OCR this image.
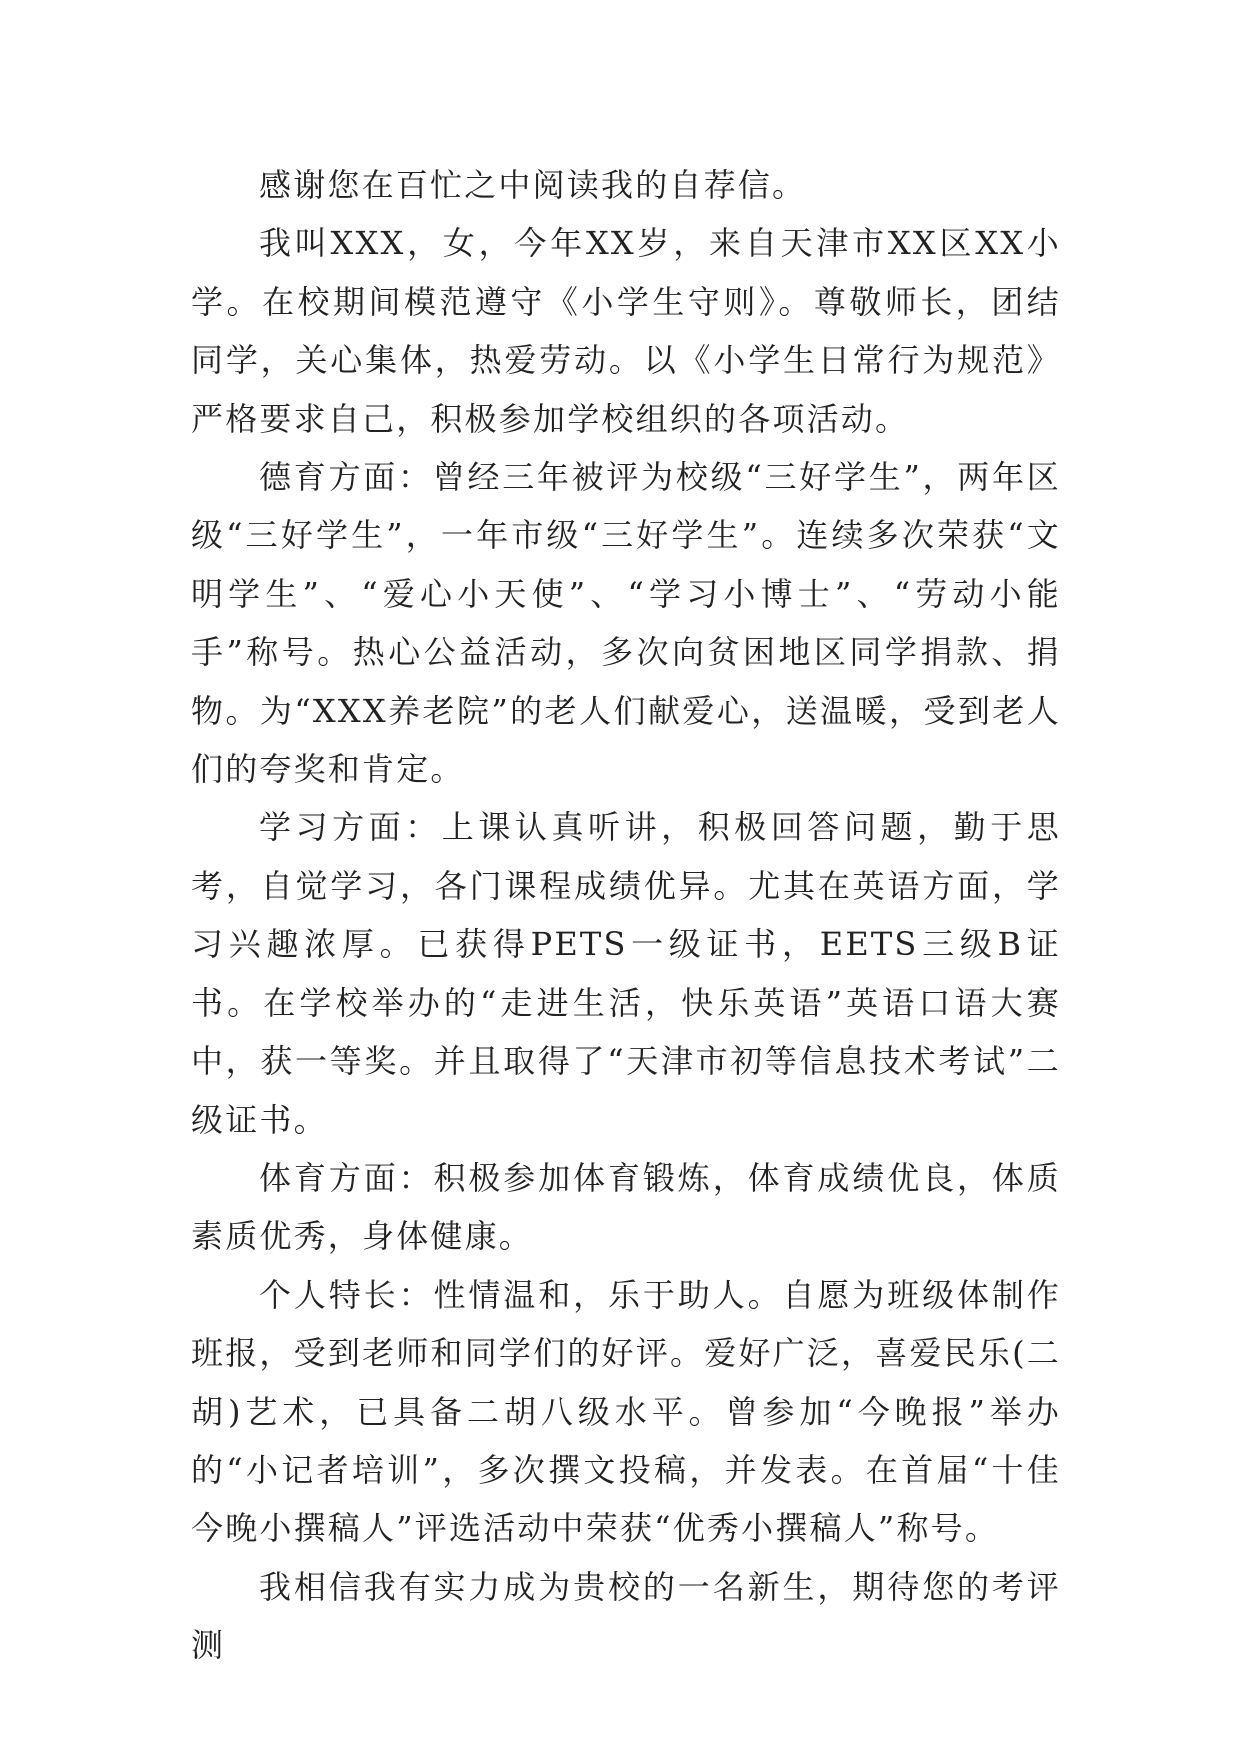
感谢您在百忙之中阅读我的自荐信。

我叫XXX，女，今年XX岁，来自天津市XX区XX小学。在校期间模范遵守《小学生守则》。尊敬师长，团结同学，关心集体，热爱劳动。以《小学生日常行为规范》严格要求自己，积极参加学校组织的各项活动。

德育方面：曾经三年被评为校级“三好学生”，两年区级“三好学生”，一年市级“三好学生”。连续多次荣获“文明学生”、“爱心小天使”、“学习小博士”、“劳动小能手”称号。热心公益活动，多次向贫困地区同学捐款、捐物。为“XXX养老院”的老人们献爱心，送温暖，受到老人们的夸奖和肯定。

学习方面：上课认真听讲，积极回答问题，勤于思考，自觉学习，各门课程成绩优异。尤其在英语方面，学习兴趣浓厚。已获得PETS一级证书，EETS三级B证书。在学校举办的“走进生活，快乐英语”英语口语大赛中，获一等奖。并且取得了“天津市初等信息技术考试”二级证书。

体育方面：积极参加体育锻炼，体育成绩优良，体质素质优秀，身体健康。

个人特长：性情温和，乐于助人。自愿为班级体制作班报，受到老师和同学们的好评。爱好广泛，喜爱民乐(二胡)艺术，已具备二胡八级水平。曾参加“今晚报”举办的“小记者培训”，多次撰文投稿，并发表。在首届“十佳今晚小撰稿人”评选活动中荣获“优秀小撰稿人”称号。

我相信我有实力成为贵校的一名新生，期待您的考评测
